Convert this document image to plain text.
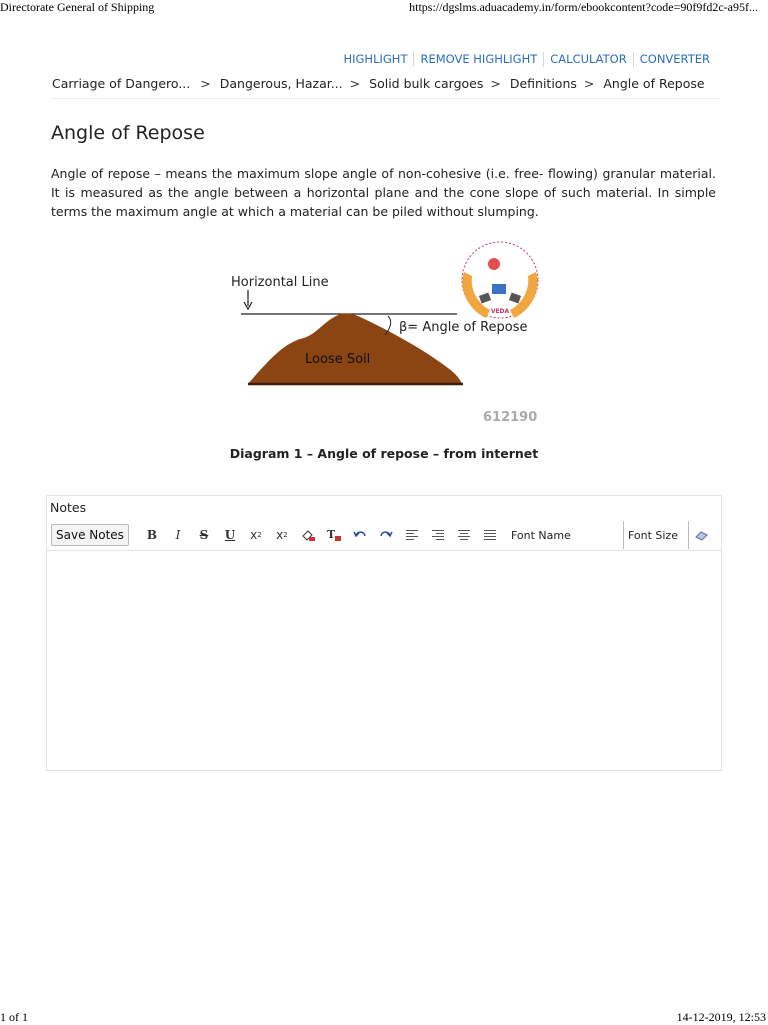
Directorate General of Shipping	https://dgslms.aduacademy.in/form/ebookcontent?code=90f9fd2c-a95f...
HIGHLIGHT	REMOVE HIGHLIGHT	CALCULATOR	CONVERTER
Carriage of Dangero... > Dangerous, Hazar... > Solid bulk cargoes > Definitions > Angle of Repose
Angle of Repose

Angle of repose – means the maximum slope angle of non-cohesive (i.e. free- flowing) granular material. It is measured as the angle between a horizontal plane and the cone slope of such material. In simple terms the maximum angle at which a material can be piled without slumping.

Horizontal Line
Loose Soil
β= Angle of Repose
VEDA
612190
Diagram 1 – Angle of repose – from internet
Notes
Save Notes	B	I	S	U	x 2	x 2	T	Font Name	Font Size
1 of 1	14-12-2019, 12:53
